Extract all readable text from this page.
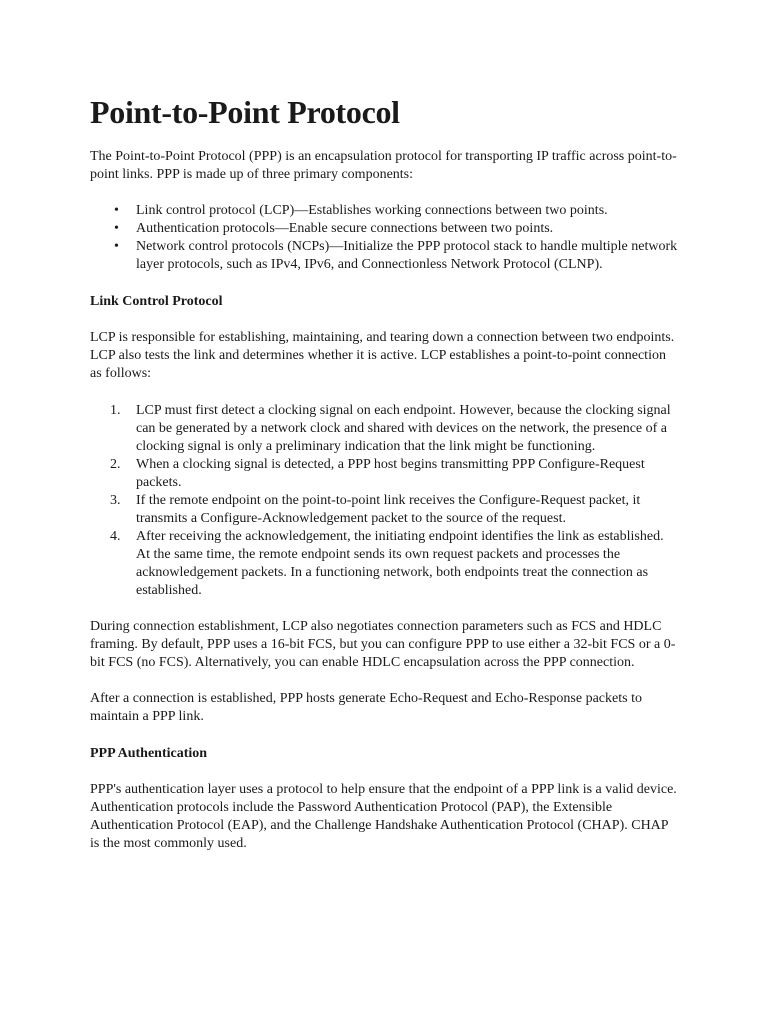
Point-to-Point Protocol

The Point-to-Point Protocol (PPP) is an encapsulation protocol for transporting IP traffic across point-to-point links. PPP is made up of three primary components:

• Link control protocol (LCP)—Establishes working connections between two points.
• Authentication protocols—Enable secure connections between two points.
• Network control protocols (NCPs)—Initialize the PPP protocol stack to handle multiple network layer protocols, such as IPv4, IPv6, and Connectionless Network Protocol (CLNP).
Link Control Protocol

LCP is responsible for establishing, maintaining, and tearing down a connection between two endpoints. LCP also tests the link and determines whether it is active. LCP establishes a point-to-point connection as follows:

1. LCP must first detect a clocking signal on each endpoint. However, because the clocking signal can be generated by a network clock and shared with devices on the network, the presence of a clocking signal is only a preliminary indication that the link might be functioning.
2. When a clocking signal is detected, a PPP host begins transmitting PPP Configure-Request packets.
3. If the remote endpoint on the point-to-point link receives the Configure-Request packet, it transmits a Configure-Acknowledgement packet to the source of the request.
4. After receiving the acknowledgement, the initiating endpoint identifies the link as established. At the same time, the remote endpoint sends its own request packets and processes the acknowledgement packets. In a functioning network, both endpoints treat the connection as established.

During connection establishment, LCP also negotiates connection parameters such as FCS and HDLC framing. By default, PPP uses a 16-bit FCS, but you can configure PPP to use either a 32-bit FCS or a 0-bit FCS (no FCS). Alternatively, you can enable HDLC encapsulation across the PPP connection.

After a connection is established, PPP hosts generate Echo-Request and Echo-Response packets to maintain a PPP link.

PPP Authentication

PPP's authentication layer uses a protocol to help ensure that the endpoint of a PPP link is a valid device. Authentication protocols include the Password Authentication Protocol (PAP), the Extensible Authentication Protocol (EAP), and the Challenge Handshake Authentication Protocol (CHAP). CHAP is the most commonly used.
